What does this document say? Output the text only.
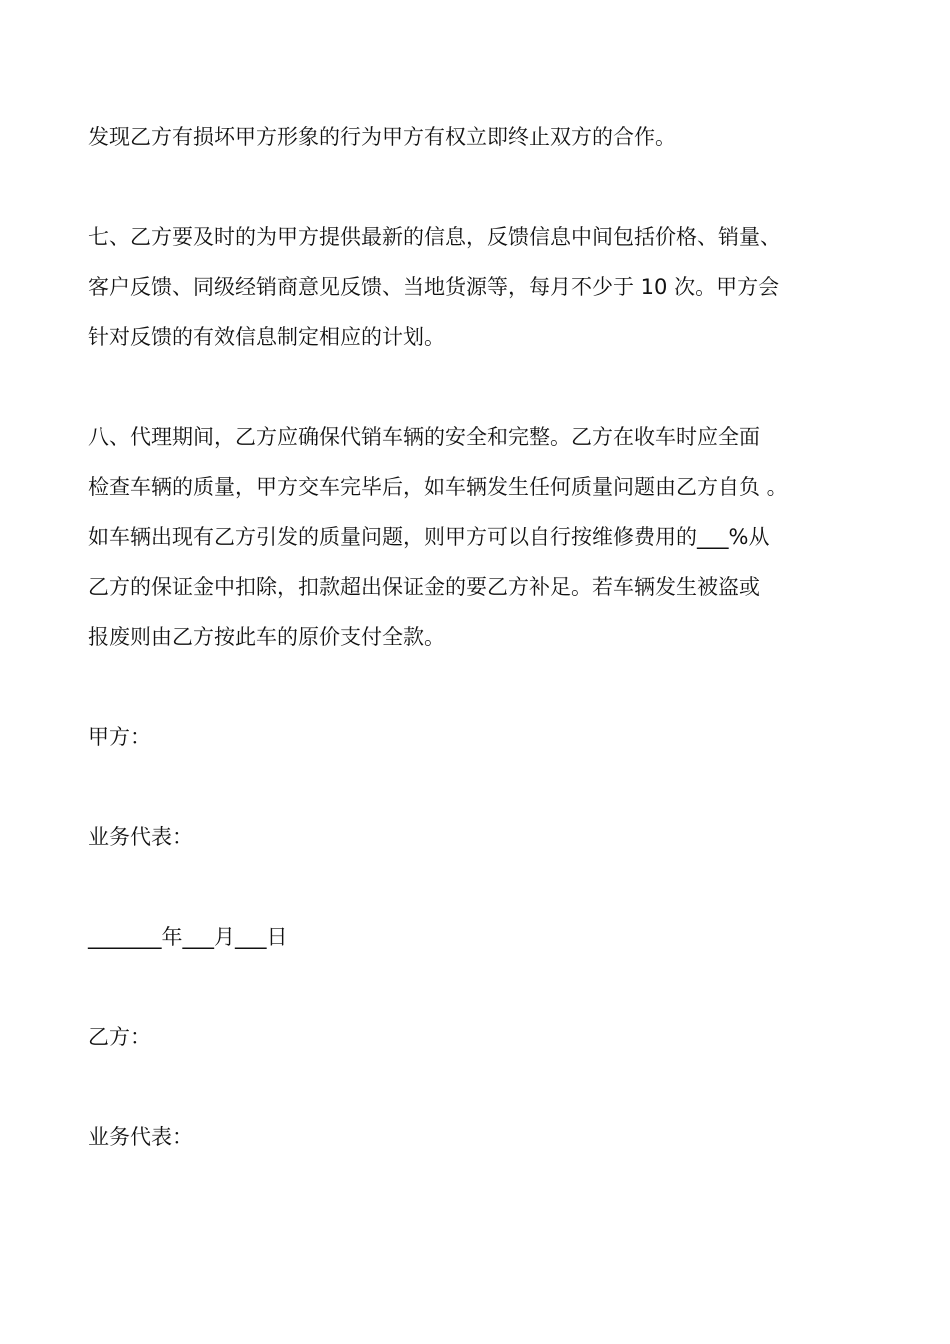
发现乙方有损坏甲方形象的行为甲方有权立即终止双方的合作。

七、乙方要及时的为甲方提供最新的信息，反馈信息中间包括价格、销量、
客户反馈、同级经销商意见反馈、当地货源等，每月不少于 10 次。甲方会
针对反馈的有效信息制定相应的计划。

八、代理期间，乙方应确保代销车辆的安全和完整。乙方在收车时应全面
检查车辆的质量，甲方交车完毕后，如车辆发生任何质量问题由乙方自负 。
如车辆出现有乙方引发的质量问题，则甲方可以自行按维修费用的___%从
乙方的保证金中扣除，扣款超出保证金的要乙方补足。若车辆发生被盗或
报废则由乙方按此车的原价支付全款。

甲方：

业务代表：

_______年___月___日

乙方：

业务代表：
